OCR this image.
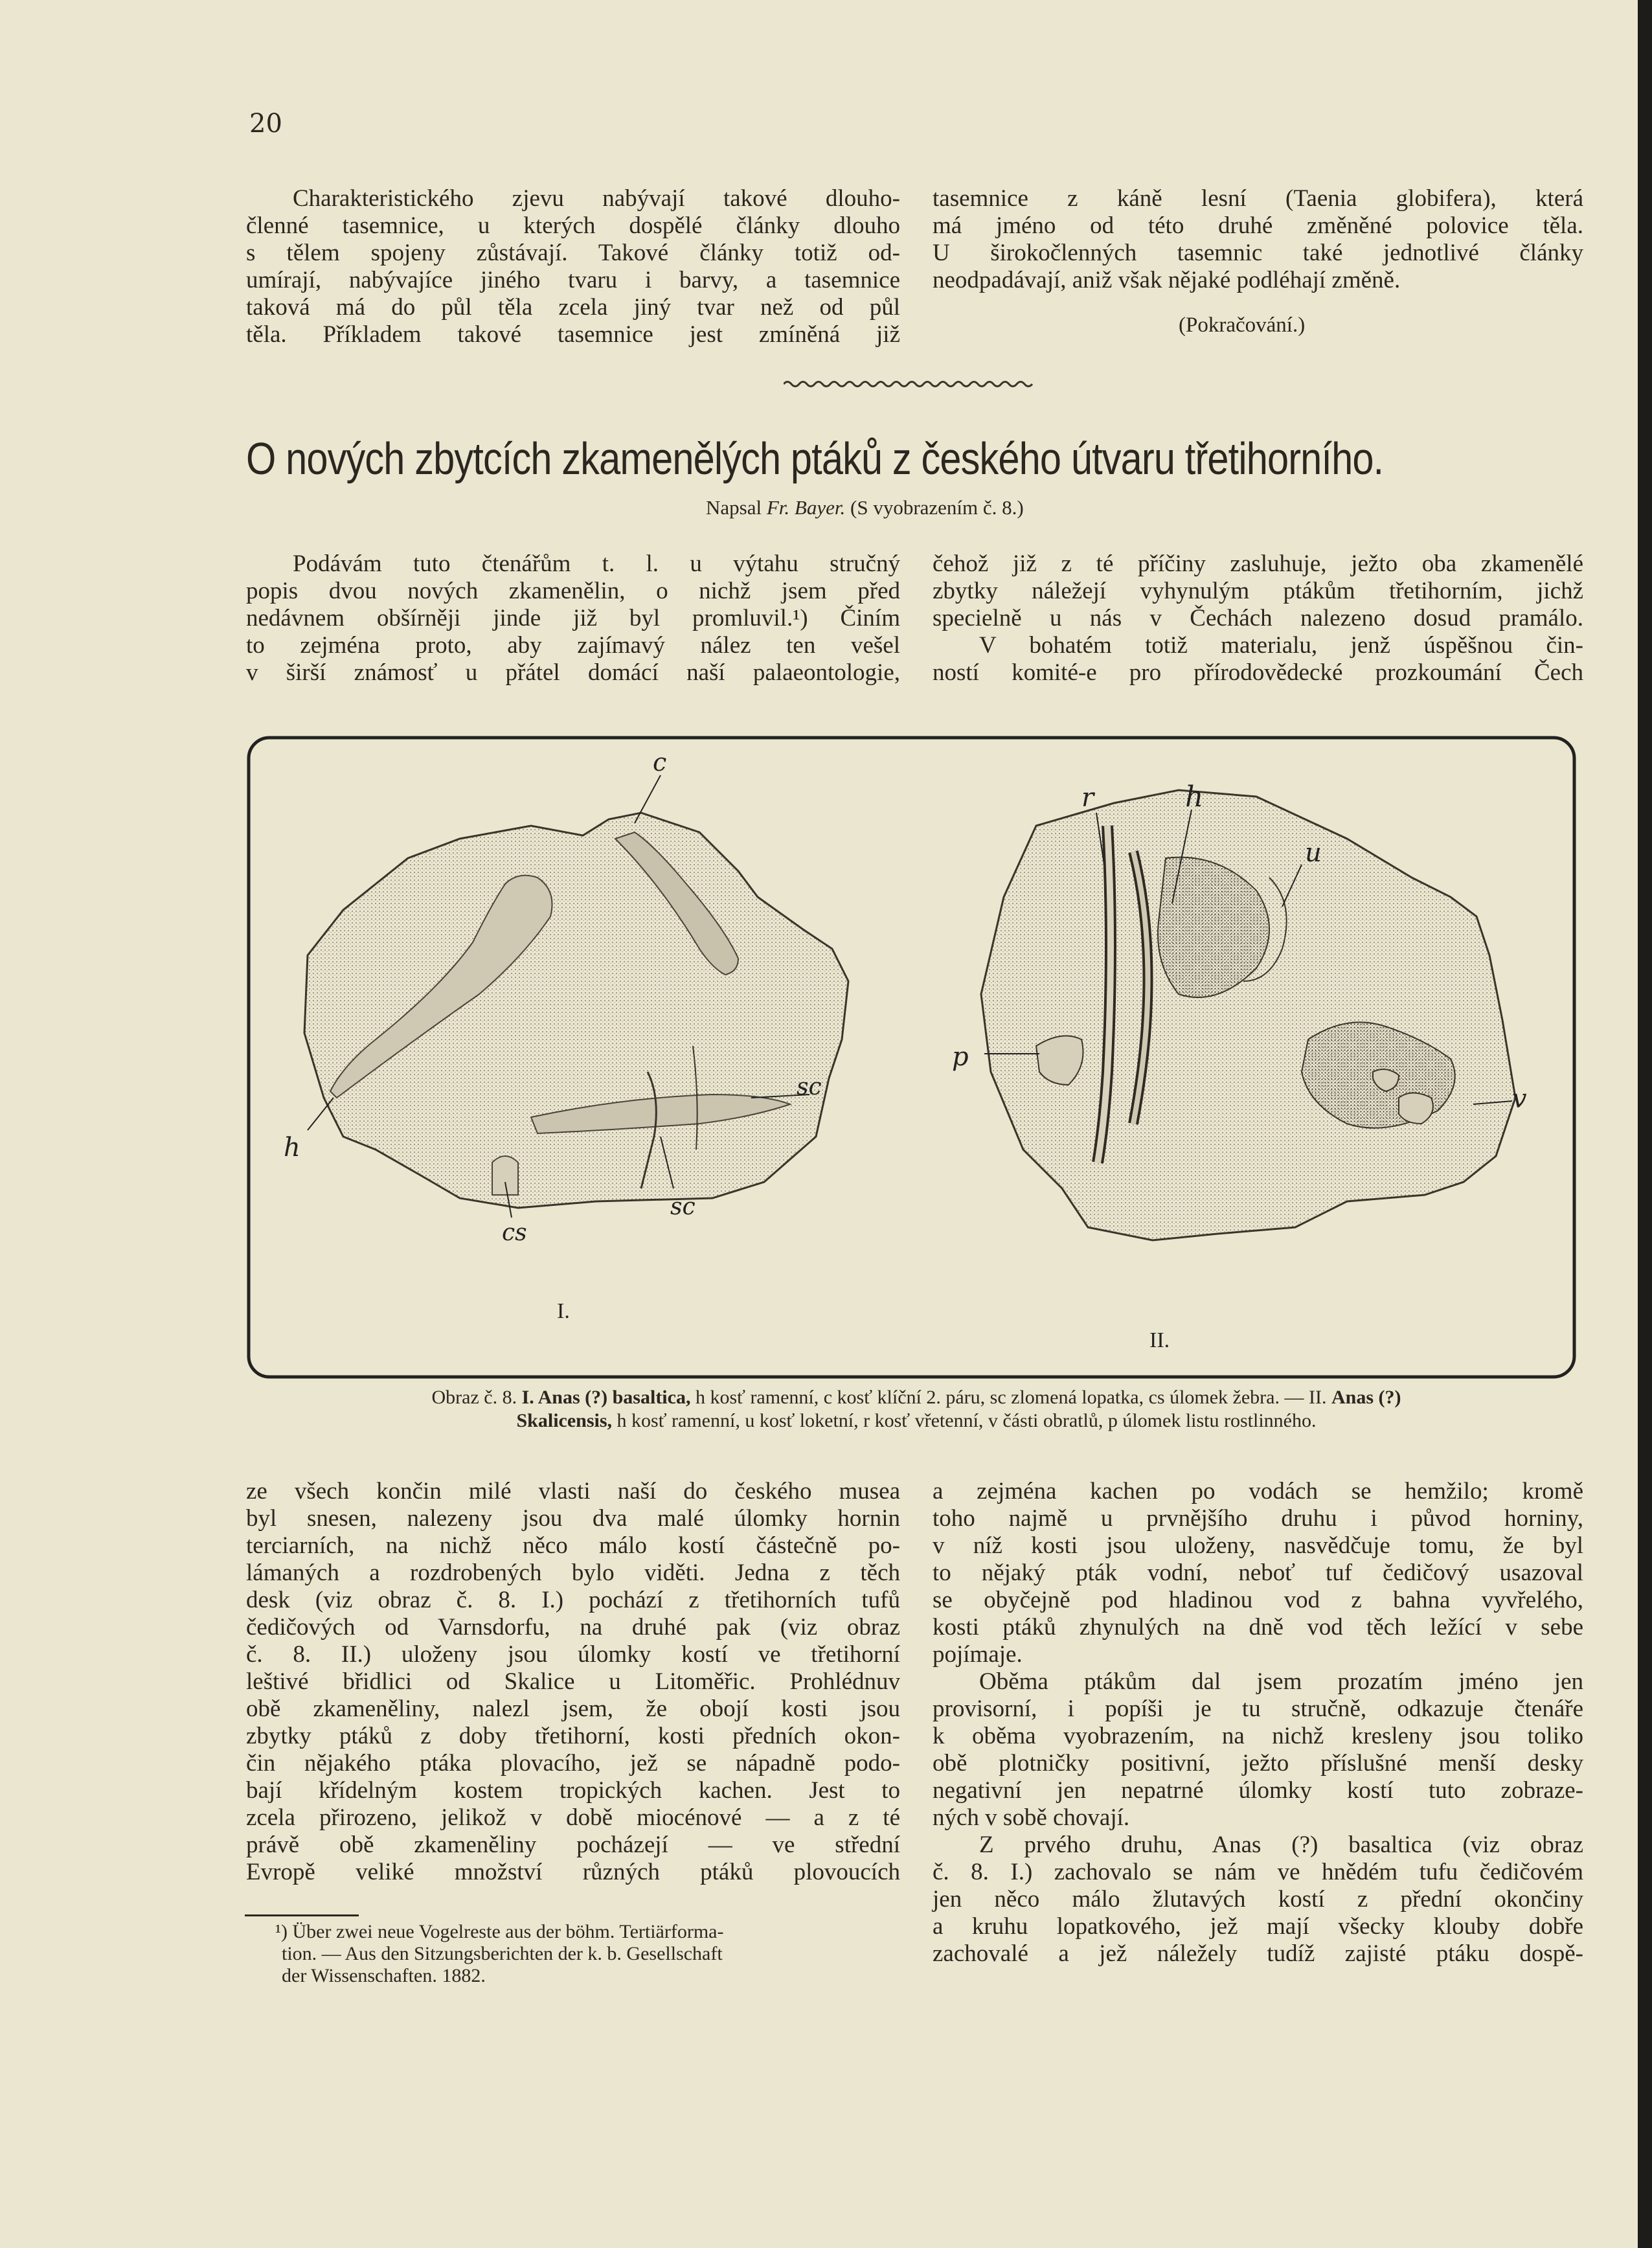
20
Charakteristického zjevu nabývají takové dlouho-
členné tasemnice, u kterých dospělé články dlouho
s tělem spojeny zůstávají. Takové články totiž od-
umírají, nabývajíce jiného tvaru i barvy, a tasemnice
taková má do půl těla zcela jiný tvar než od půl
těla. Příkladem takové tasemnice jest zmíněná již
tasemnice z káně lesní (Taenia globifera), která
má jméno od této druhé změněné polovice těla.
U širokočlenných tasemnic také jednotlivé články
neodpadávají, aniž však nějaké podléhají změně.
(Pokračování.)
O nových zbytcích zkamenělých ptáků z českého útvaru třetihorního.
Napsal Fr. Bayer. (S vyobrazením č. 8.)
Podávám tuto čtenářům t. l. u výtahu stručný
popis dvou nových zkamenělin, o nichž jsem před
nedávnem obšírněji jinde již byl promluvil.¹) Činím
to zejména proto, aby zajímavý nález ten vešel
v širší známosť u přátel domácí naší palaeontologie,
čehož již z té příčiny zasluhuje, ježto oba zkamenělé
zbytky náležejí vyhynulým ptákům třetihorním, jichž
specielně u nás v Čechách nalezeno dosud pramálo.
V bohatém totiž materialu, jenž úspěšnou čin-
ností komité-e pro přírodovědecké prozkoumání Čech
c
h
sc
sc
cs
I.
r	h
u
p
v
II.
Obraz č. 8. I. Anas (?) basaltica, h kosť ramenní, c kosť klíční 2. páru, sc zlomená lopatka, cs úlomek žebra. — II. Anas (?)
Skalicensis, h kosť ramenní, u kosť loketní, r kosť vřetenní, v části obratlů, p úlomek listu rostlinného.
ze všech končin milé vlasti naší do českého musea
byl snesen, nalezeny jsou dva malé úlomky hornin
terciarních, na nichž něco málo kostí částečně po-
lámaných a rozdrobených bylo viděti. Jedna z těch
desk (viz obraz č. 8. I.) pochází z třetihorních tufů
čedičových od Varnsdorfu, na druhé pak (viz obraz
č. 8. II.) uloženy jsou úlomky kostí ve třetihorní
leštivé břidlici od Skalice u Litoměřic. Prohlédnuv
obě zkameněliny, nalezl jsem, že obojí kosti jsou
zbytky ptáků z doby třetihorní, kosti předních okon-
čin nějakého ptáka plovacího, jež se nápadně podo-
bají křídelným kostem tropických kachen. Jest to
zcela přirozeno, jelikož v době miocénové — a z té
právě obě zkameněliny pocházejí — ve střední
Evropě veliké množství různých ptáků plovoucích
a zejména kachen po vodách se hemžilo; kromě
toho najmě u prvnějšího druhu i původ horniny,
v níž kosti jsou uloženy, nasvědčuje tomu, že byl
to nějaký pták vodní, neboť tuf čedičový usazoval
se obyčejně pod hladinou vod z bahna vyvřelého,
kosti ptáků zhynulých na dně vod těch ležící v sebe
pojímaje.
Oběma ptákům dal jsem prozatím jméno jen
provisorní, i popíši je tu stručně, odkazuje čtenáře
k oběma vyobrazením, na nichž kresleny jsou toliko
obě plotničky positivní, ježto příslušné menší desky
negativní jen nepatrné úlomky kostí tuto zobraze-
ných v sobě chovají.
Z prvého druhu, Anas (?) basaltica (viz obraz
č. 8. I.) zachovalo se nám ve hnědém tufu čedičovém
jen něco málo žlutavých kostí z přední okončiny
a kruhu lopatkového, jež mají všecky klouby dobře
zachovalé a jež náležely tudíž zajisté ptáku dospě-
¹) Über zwei neue Vogelreste aus der böhm. Tertiärforma-
tion. — Aus den Sitzungsberichten der k. b. Gesellschaft
der Wissenschaften. 1882.
